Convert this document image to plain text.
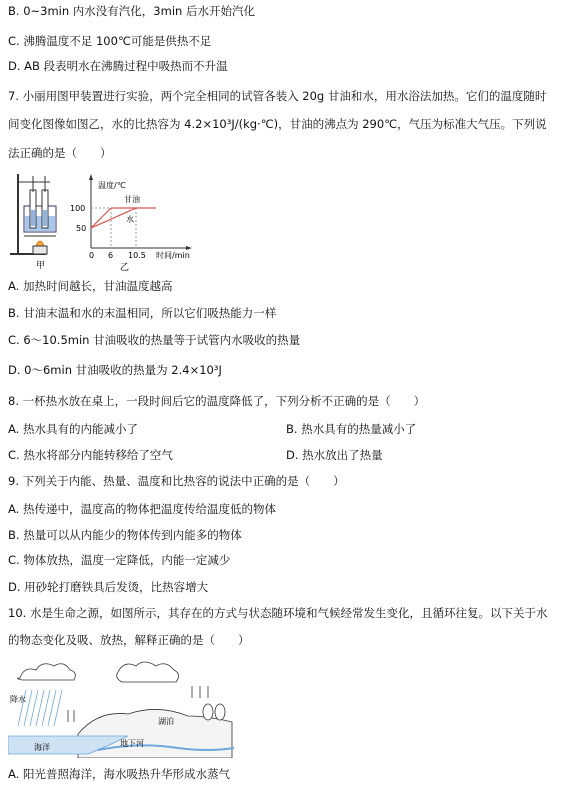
B. 0~3min 内水没有汽化，3min 后水开始汽化
C. 沸腾温度不足 100℃可能是供热不足
D. AB 段表明水在沸腾过程中吸热而不升温
7. 小丽用图甲装置进行实验，两个完全相同的试管各装入 20g 甘油和水，用水浴法加热。它们的温度随时
间变化图像如图乙，水的比热容为 4.2×10³J/(kg·℃)，甘油的沸点为 290℃，气压为标准大气压。下列说
法正确的是（　　）
甲
温度/℃
时间/min
100
50
0 6 10.5
甘油
水
乙
A. 加热时间越长，甘油温度越高
B. 甘油末温和水的末温相同，所以它们吸热能力一样
C. 6～10.5min 甘油吸收的热量等于试管内水吸收的热量
D. 0～6min 甘油吸收的热量为 2.4×10³J
8. 一杯热水放在桌上，一段时间后它的温度降低了，下列分析不正确的是（　　）
A. 热水具有的内能减小了	B. 热水具有的热量减小了
C. 热水将部分内能转移给了空气	D. 热水放出了热量
9. 下列关于内能、热量、温度和比热容的说法中正确的是（　　）
A. 热传递中，温度高的物体把温度传给温度低的物体
B. 热量可以从内能少的物体传到内能多的物体
C. 物体放热，温度一定降低，内能一定减少
D. 用砂轮打磨铁具后发烫，比热容增大
10. 水是生命之源，如图所示，其存在的方式与状态随环境和气候经常发生变化，且循环往复。以下关于水
的物态变化及吸、放热，解释正确的是（　　）
降水
海洋	地下河
湖泊
A. 阳光普照海洋，海水吸热升华形成水蒸气
